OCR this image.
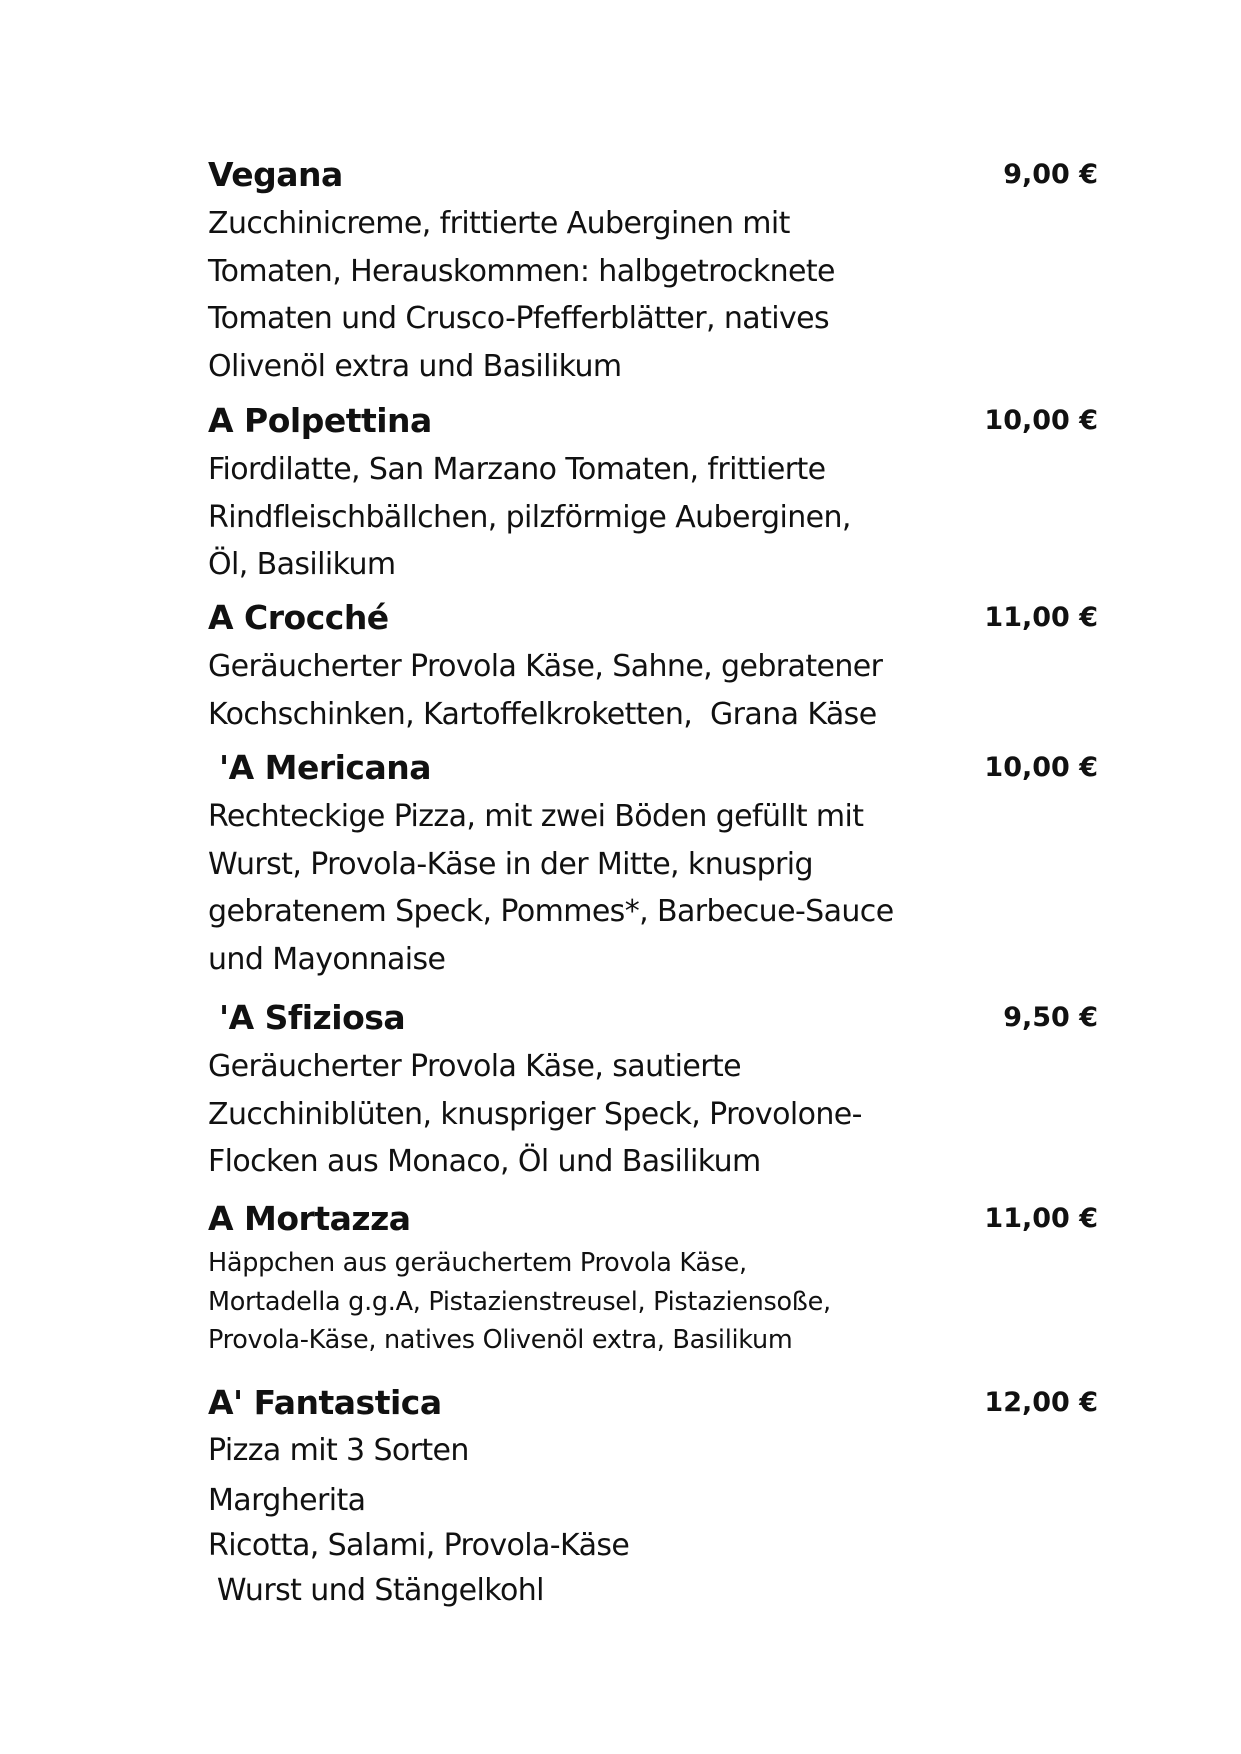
Vegana	9,00 €
Zucchinicreme, frittierte Auberginen mit
Tomaten, Herauskommen: halbgetrocknete
Tomaten und Crusco-Pfefferblätter, natives
Olivenöl extra und Basilikum
A Polpettina	10,00 €
Fiordilatte, San Marzano Tomaten, frittierte
Rindfleischbällchen, pilzförmige Auberginen,
Öl, Basilikum
A Crocché	11,00 €
Geräucherter Provola Käse, Sahne, gebratener
Kochschinken, Kartoffelkroketten,  Grana Käse
'A Mericana	10,00 €
Rechteckige Pizza, mit zwei Böden gefüllt mit
Wurst, Provola-Käse in der Mitte, knusprig
gebratenem Speck, Pommes*, Barbecue-Sauce
und Mayonnaise
'A Sfiziosa	9,50 €
Geräucherter Provola Käse, sautierte
Zucchiniblüten, knuspriger Speck, Provolone-
Flocken aus Monaco, Öl und Basilikum
A Mortazza	11,00 €
Häppchen aus geräuchertem Provola Käse,
Mortadella g.g.A, Pistazienstreusel, Pistaziensoße,
Provola-Käse, natives Olivenöl extra, Basilikum
A' Fantastica	12,00 €
Pizza mit 3 Sorten
Margherita
Ricotta, Salami, Provola-Käse
Wurst und Stängelkohl
